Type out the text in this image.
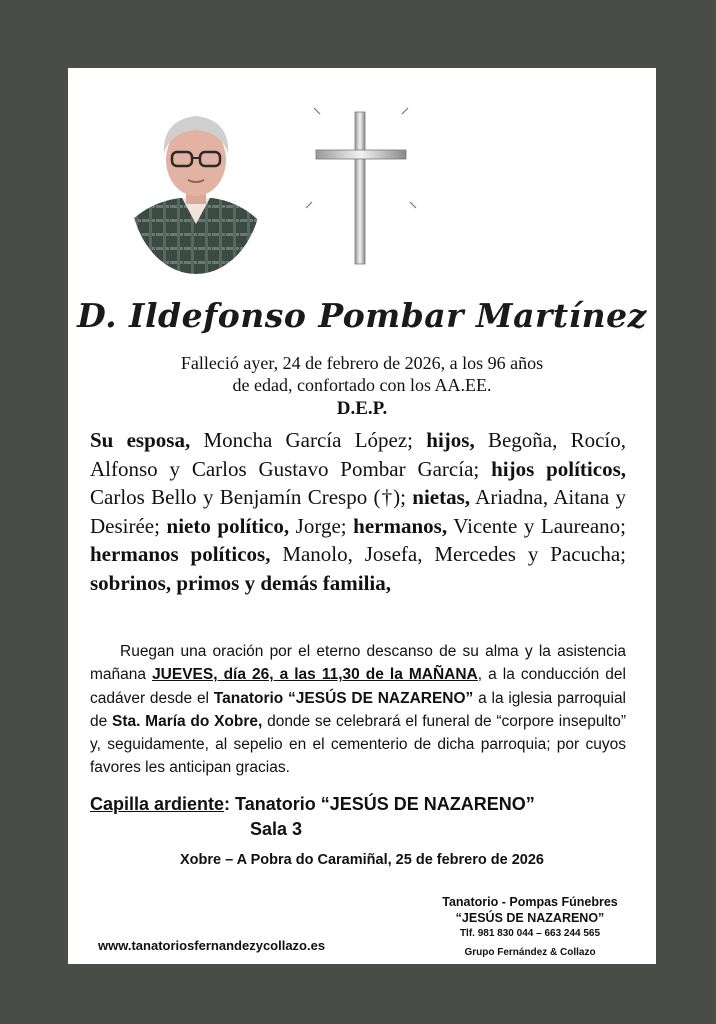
D. Ildefonso Pombar Martínez
Falleció ayer, 24 de febrero de 2026, a los 96 años
de edad, confortado con los AA.EE.
D.E.P.
Su esposa, Moncha García López; hijos, Begoña, Rocío, Alfonso y Carlos Gustavo Pombar García; hijos políticos, Carlos Bello y Benjamín Crespo (†); nietas, Ariadna, Aitana y Desirée; nieto político, Jorge; hermanos, Vicente y Laureano; hermanos políticos, Manolo, Josefa, Mercedes y Pacucha; sobrinos, primos y demás familia,
Ruegan una oración por el eterno descanso de su alma y la asistencia mañana JUEVES, día 26, a las 11,30 de la MAÑANA, a la conducción del cadáver desde el Tanatorio “JESÚS DE NAZARENO” a la iglesia parroquial de Sta. María do Xobre, donde se celebrará el funeral de “corpore insepulto” y, seguidamente, al sepelio en el cementerio de dicha parroquia; por cuyos favores les anticipan gracias.
Capilla ardiente: Tanatorio “JESÚS DE NAZARENO”
Sala 3
Xobre – A Pobra do Caramiñal, 25 de febrero de 2026
www.tanatoriosfernandezycollazo.es
Tanatorio - Pompas Fúnebres
“JESÚS DE NAZARENO”
Tlf. 981 830 044 – 663 244 565
Grupo Fernández & Collazo
